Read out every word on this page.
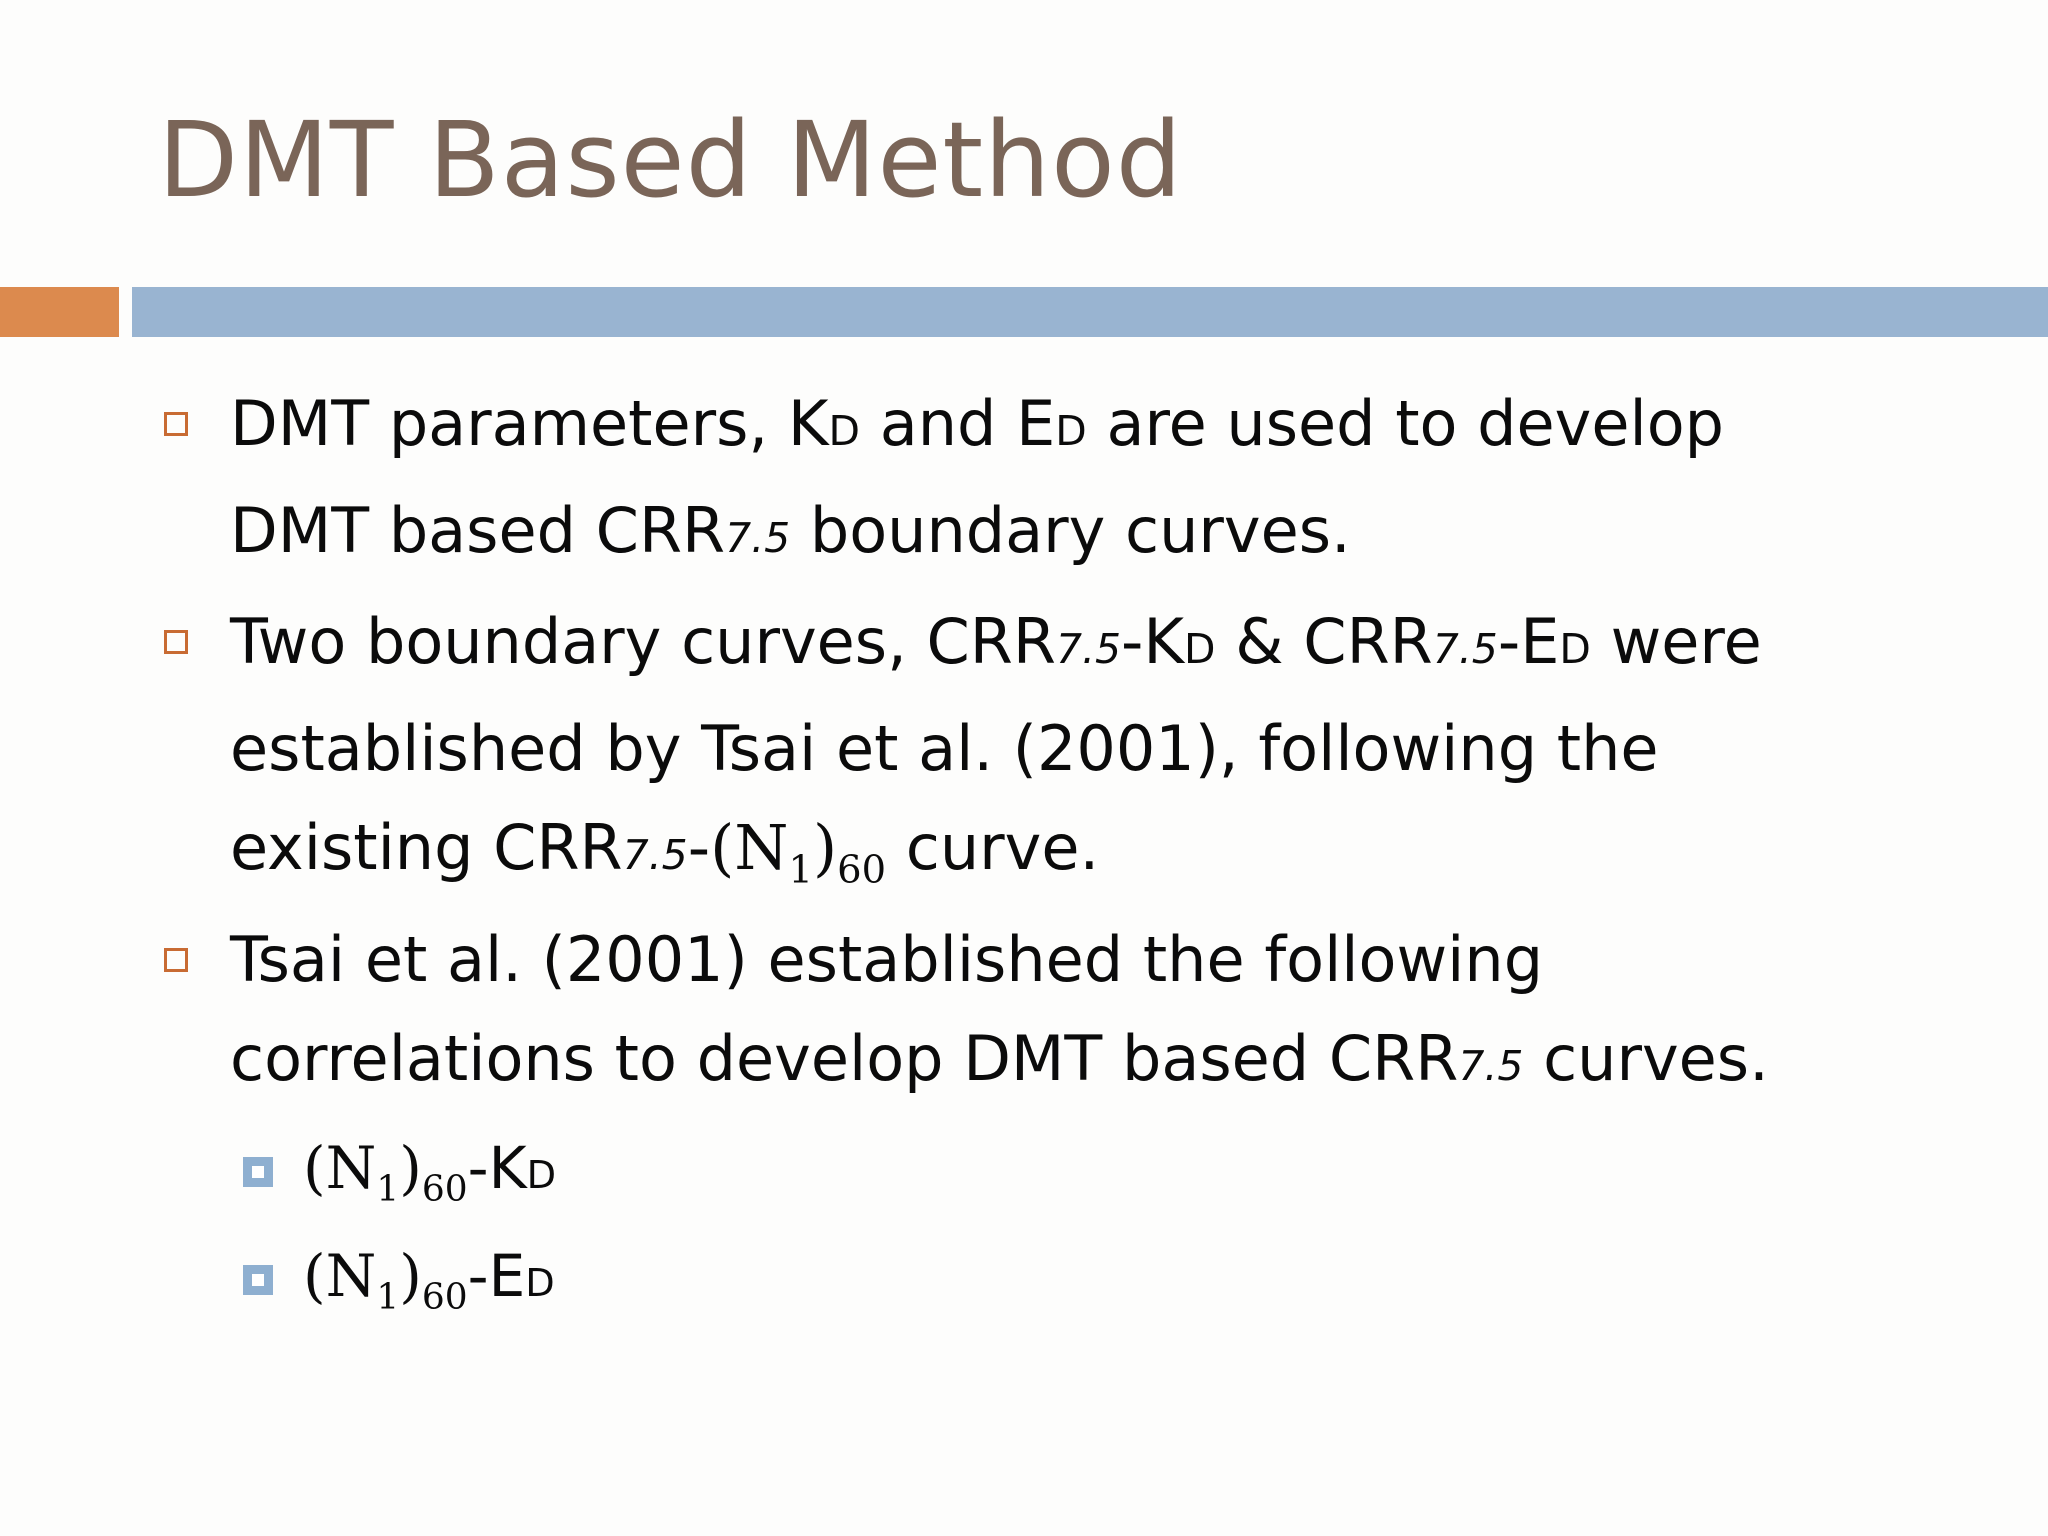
DMT Based Method
DMT parameters, KD and ED are used to develop
DMT based CRR7.5 boundary curves.
Two boundary curves, CRR7.5-KD & CRR7.5-ED were
established by Tsai et al. (2001), following the
existing $CRR7.5-(N_1)_{60}$ curve.
Tsai et al. (2001) established the following
correlations to develop DMT based CRR7.5 curves.
$(N_1)_{60}-KD$
$(N_1)_{60}-ED$
